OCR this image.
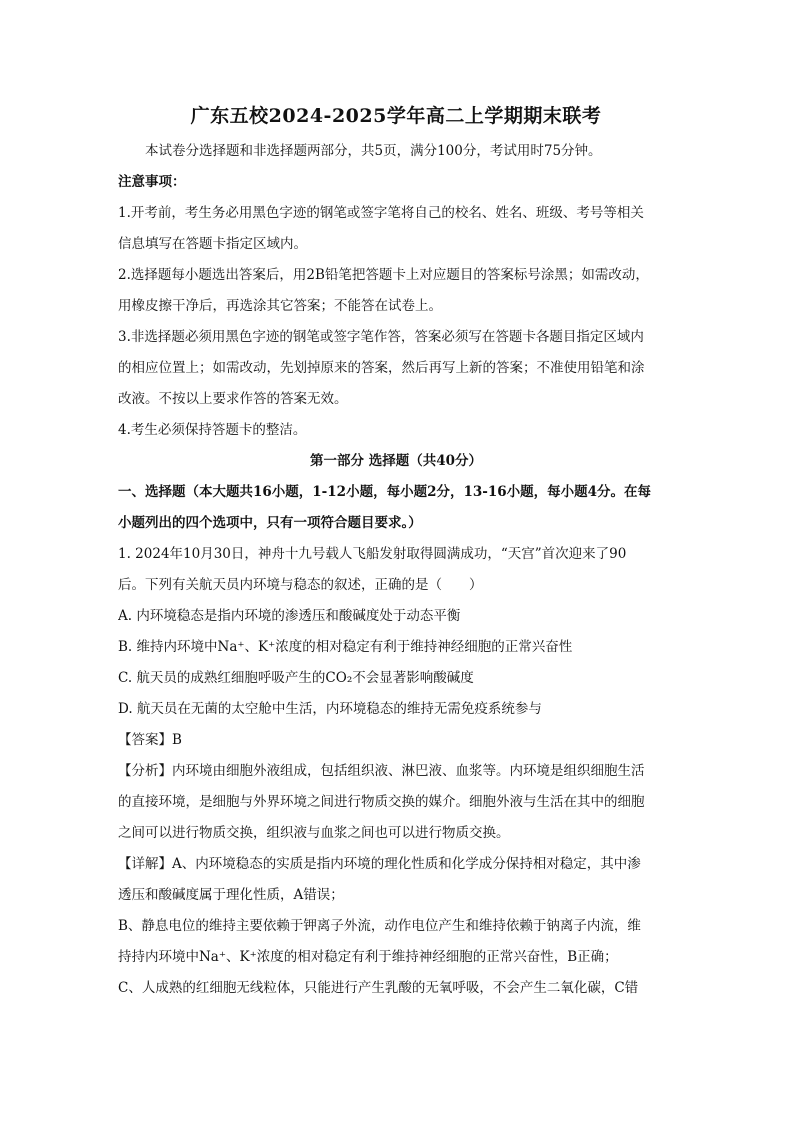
广东五校2024-2025学年高二上学期期末联考
本试卷分选择题和非选择题两部分，共5页，满分100分，考试用时75分钟。
注意事项：
1.开考前，考生务必用黑色字迹的钢笔或签字笔将自己的校名、姓名、班级、考号等相关
信息填写在答题卡指定区域内。
2.选择题每小题选出答案后，用2B铅笔把答题卡上对应题目的答案标号涂黑；如需改动，
用橡皮擦干净后，再选涂其它答案；不能答在试卷上。
3.非选择题必须用黑色字迹的钢笔或签字笔作答，答案必须写在答题卡各题目指定区域内
的相应位置上；如需改动，先划掉原来的答案，然后再写上新的答案；不准使用铅笔和涂
改液。不按以上要求作答的答案无效。
4.考生必须保持答题卡的整洁。
第一部分 选择题（共40分）
一、选择题（本大题共16小题，1-12小题，每小题2分，13-16小题，每小题4分。在每
小题列出的四个选项中，只有一项符合题目要求。）
1. 2024年10月30日，神舟十九号载人飞船发射取得圆满成功，“天宫”首次迎来了90
后。下列有关航天员内环境与稳态的叙述，正确的是（　　）
A. 内环境稳态是指内环境的渗透压和酸碱度处于动态平衡
B. 维持内环境中Na⁺、K⁺浓度的相对稳定有利于维持神经细胞的正常兴奋性
C. 航天员的成熟红细胞呼吸产生的CO₂不会显著影响酸碱度
D. 航天员在无菌的太空舱中生活，内环境稳态的维持无需免疫系统参与
【答案】B
【分析】内环境由细胞外液组成，包括组织液、淋巴液、血浆等。内环境是组织细胞生活
的直接环境，是细胞与外界环境之间进行物质交换的媒介。细胞外液与生活在其中的细胞
之间可以进行物质交换，组织液与血浆之间也可以进行物质交换。
【详解】A、内环境稳态的实质是指内环境的理化性质和化学成分保持相对稳定，其中渗
透压和酸碱度属于理化性质，A错误；
B、静息电位的维持主要依赖于钾离子外流，动作电位产生和维持依赖于钠离子内流，维
持持内环境中Na⁺、K⁺浓度的相对稳定有利于维持神经细胞的正常兴奋性，B正确；
C、人成熟的红细胞无线粒体，只能进行产生乳酸的无氧呼吸，不会产生二氧化碳，C错
